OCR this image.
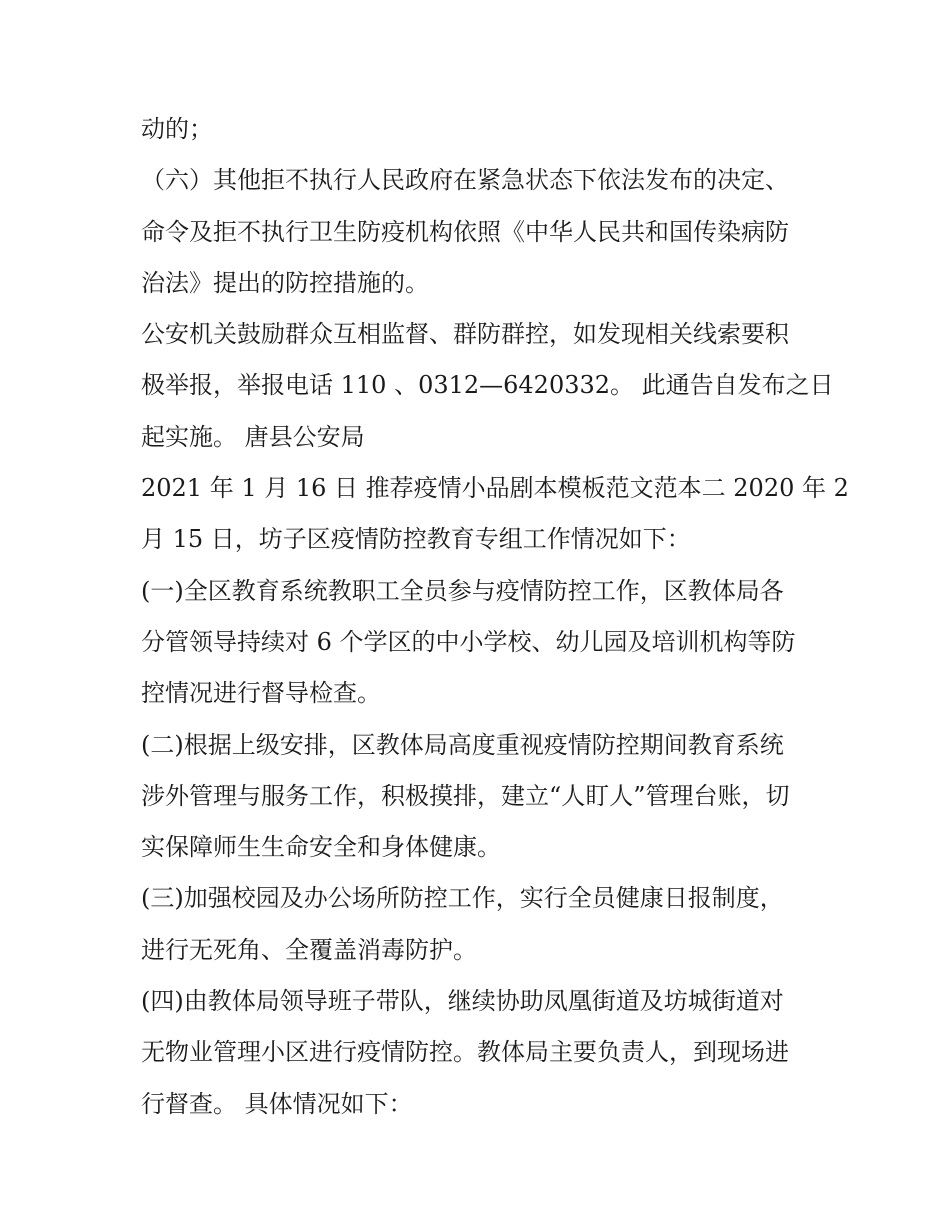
动的；
（六）其他拒不执行人民政府在紧急状态下依法发布的决定、
命令及拒不执行卫生防疫机构依照《中华人民共和国传染病防
治法》提出的防控措施的。
公安机关鼓励群众互相监督、群防群控，如发现相关线索要积
极举报，举报电话 110 、0312—6420332。 此通告自发布之日
起实施。 唐县公安局
2021 年 1 月 16 日 推荐疫情小品剧本模板范文范本二 2020 年 2
月 15 日，坊子区疫情防控教育专组工作情况如下：
(一)全区教育系统教职工全员参与疫情防控工作，区教体局各
分管领导持续对 6 个学区的中小学校、幼儿园及培训机构等防
控情况进行督导检查。
(二)根据上级安排，区教体局高度重视疫情防控期间教育系统
涉外管理与服务工作，积极摸排，建立“人盯人”管理台账，切
实保障师生生命安全和身体健康。
(三)加强校园及办公场所防控工作，实行全员健康日报制度，
进行无死角、全覆盖消毒防护。
(四)由教体局领导班子带队，继续协助凤凰街道及坊城街道对
无物业管理小区进行疫情防控。教体局主要负责人，到现场进
行督查。 具体情况如下：
